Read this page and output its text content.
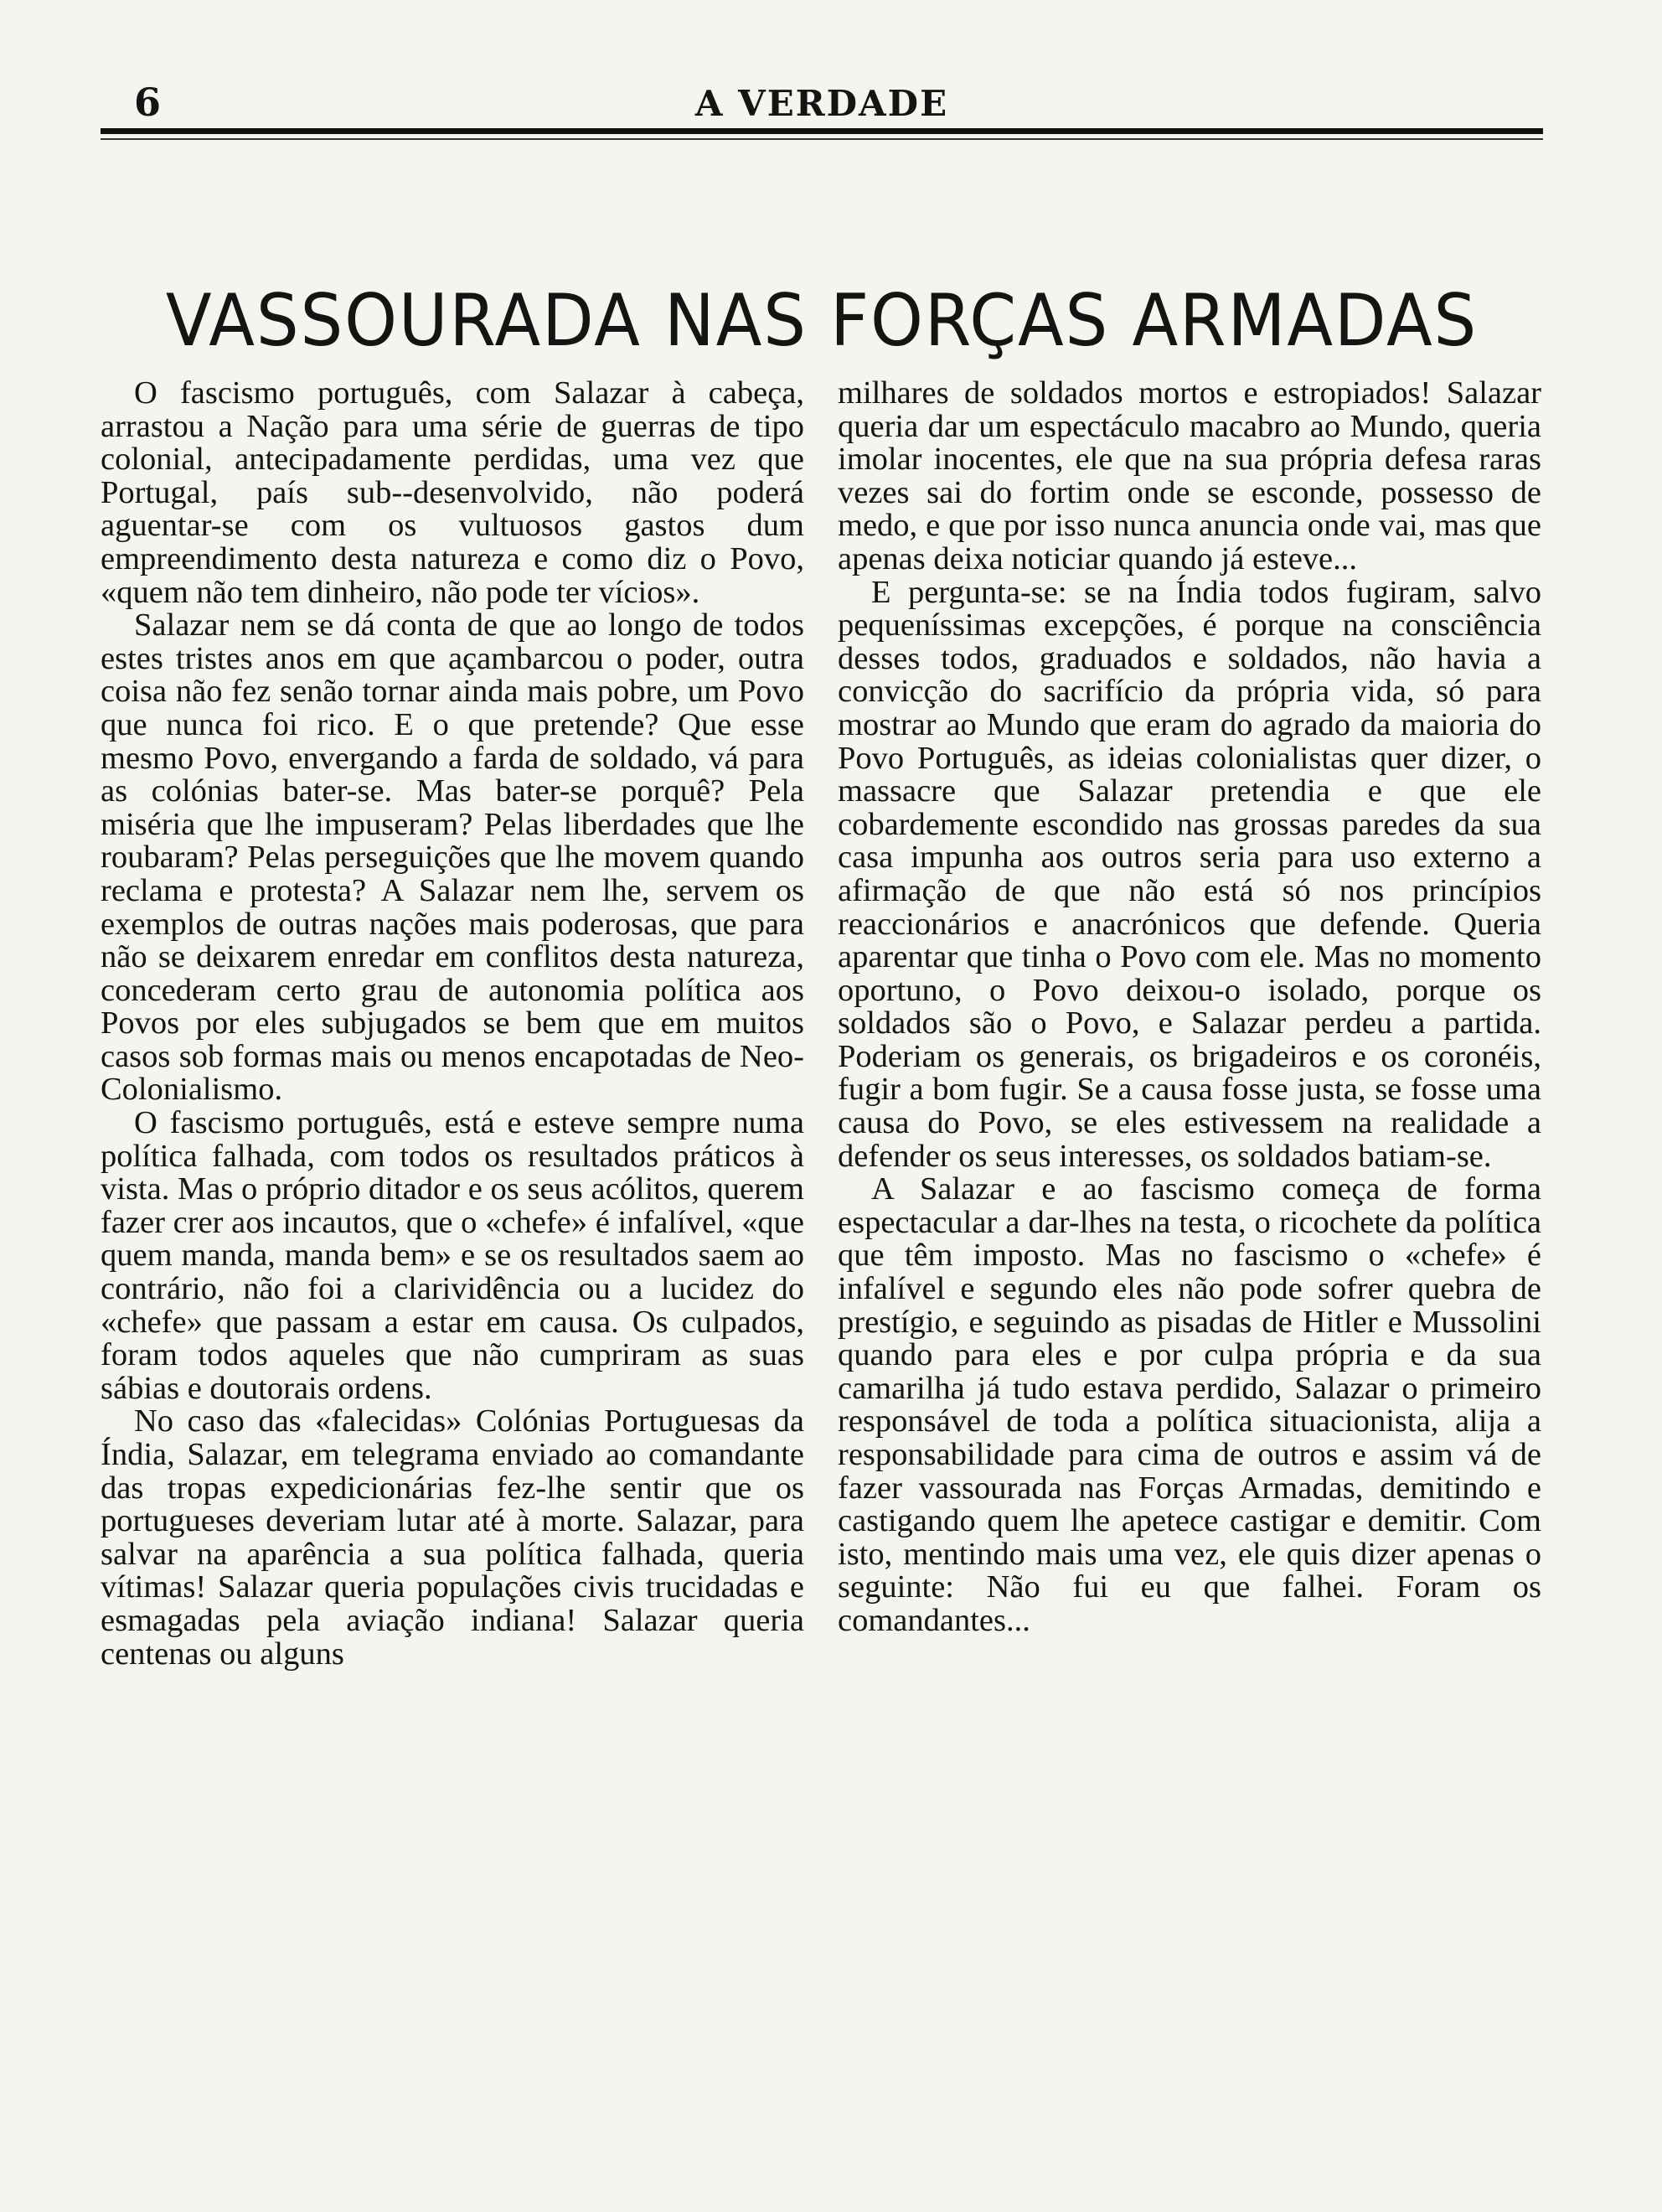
6	A VERDADE
VASSOURADA NAS FORÇAS ARMADAS

O fascismo português, com Salazar à cabeça, arrastou a Nação para uma série de guerras de tipo colonial, antecipadamente perdidas, uma vez que Portugal, país sub--desenvolvido, não poderá aguentar-se com os vultuosos gastos dum empreendimento desta natureza e como diz o Povo, «quem não tem dinheiro, não pode ter vícios».

Salazar nem se dá conta de que ao longo de todos estes tristes anos em que açambarcou o poder, outra coisa não fez senão tornar ainda mais pobre, um Povo que nunca foi rico. E o que pretende? Que esse mesmo Povo, envergando a farda de soldado, vá para as colónias bater-se. Mas bater-se porquê? Pela miséria que lhe impuseram? Pelas liberdades que lhe roubaram? Pelas perseguições que lhe movem quando reclama e protesta? A Salazar nem lhe, servem os exemplos de outras nações mais poderosas, que para não se deixarem enredar em conflitos desta natureza, concederam certo grau de autonomia política aos Povos por eles subjugados se bem que em muitos casos sob formas mais ou menos encapotadas de Neo-Colonialismo.

O fascismo português, está e esteve sempre numa política falhada, com todos os resultados práticos à vista. Mas o próprio ditador e os seus acólitos, querem fazer crer aos incautos, que o «chefe» é infalível, «que quem manda, manda bem» e se os resultados saem ao contrário, não foi a clarividência ou a lucidez do «chefe» que passam a estar em causa. Os culpados, foram todos aqueles que não cumpriram as suas sábias e doutorais ordens.

No caso das «falecidas» Colónias Portuguesas da Índia, Salazar, em telegrama enviado ao comandante das tropas expedicionárias fez-lhe sentir que os portugueses deveriam lutar até à morte. Salazar, para salvar na aparência a sua política falhada, queria vítimas! Salazar queria populações civis trucidadas e esmagadas pela aviação indiana! Salazar queria centenas ou alguns

milhares de soldados mortos e estropiados! Salazar queria dar um espectáculo macabro ao Mundo, queria imolar inocentes, ele que na sua própria defesa raras vezes sai do fortim onde se esconde, possesso de medo, e que por isso nunca anuncia onde vai, mas que apenas deixa noticiar quando já esteve...

E pergunta-se: se na Índia todos fugiram, salvo pequeníssimas excepções, é porque na consciência desses todos, graduados e soldados, não havia a convicção do sacrifício da própria vida, só para mostrar ao Mundo que eram do agrado da maioria do Povo Português, as ideias colonialistas quer dizer, o massacre que Salazar pretendia e que ele cobardemente escondido nas grossas paredes da sua casa impunha aos outros seria para uso externo a afirmação de que não está só nos princípios reaccionários e anacrónicos que defende. Queria aparentar que tinha o Povo com ele. Mas no momento oportuno, o Povo deixou-o isolado, porque os soldados são o Povo, e Salazar perdeu a partida. Poderiam os generais, os brigadeiros e os coronéis, fugir a bom fugir. Se a causa fosse justa, se fosse uma causa do Povo, se eles estivessem na realidade a defender os seus interesses, os soldados batiam-se.

A Salazar e ao fascismo começa de forma espectacular a dar-lhes na testa, o ricochete da política que têm imposto. Mas no fascismo o «chefe» é infalível e segundo eles não pode sofrer quebra de prestígio, e seguindo as pisadas de Hitler e Mussolini quando para eles e por culpa própria e da sua camarilha já tudo estava perdido, Salazar o primeiro responsável de toda a política situacionista, alija a responsabilidade para cima de outros e assim vá de fazer vassourada nas Forças Armadas, demitindo e castigando quem lhe apetece castigar e demitir. Com isto, mentindo mais uma vez, ele quis dizer apenas o seguinte: Não fui eu que falhei. Foram os comandantes...
